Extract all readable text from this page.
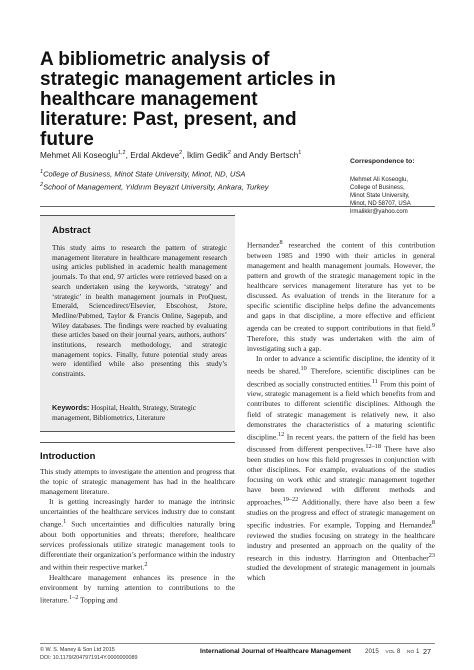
A bibliometric analysis of strategic management articles in healthcare management literature: Past, present, and future
Mehmet Ali Koseoglu$^{1,2}$, Erdal Akdeve$^2$, İklim Gedik$^2$ and Andy Bertsch$^1$
$^1$College of Business, Minot State University, Minot, ND, USA
$^2$School of Management, Yıldırım Beyazıt University, Ankara, Turkey
Correspondence to:
Mehmet Ali Koseoglu,
College of Business,
Minot State University,
Minot, ND 58707, USA
lrmalikkr@yahoo.com
Abstract
This study aims to research the pattern of strategic management literature in healthcare management research using articles published in academic health management journals. To that end, 97 articles were retrieved based on a search undertaken using the keywords, ‘strategy’ and ‘strategic’ in health management journals in ProQuest, Emerald, Sciencedirect/Elsevier, Ebscohost, Jstore, Medline/Pubmed, Taylor & Francis Online, Sagepub, and Wiley databases. The findings were reached by evaluating these articles based on their journal years, authors, authors’ institutions, research methodology, and strategic management topics. Finally, future potential study areas were identified while also presenting this study’s constraints.
Keywords: Hospital, Health, Strategy, Strategic management, Bibliometrics, Literature
Introduction

This study attempts to investigate the attention and progress that the topic of strategic management has had in the healthcare management literature.

It is getting increasingly harder to manage the intrinsic uncertainties of the healthcare services industry due to constant change.$^1$ Such uncertainties and difficulties naturally bring about both opportunities and threats; therefore, healthcare services professionals utilize strategic management tools to differentiate their organization’s performance within the industry and within their respective market.$^2$

Healthcare management enhances its presence in the environment by turning attention to contributions to the literature.$^{1-2}$ Topping and

Hernandez$^8$ researched the content of this contribution between 1985 and 1990 with their articles in general management and health management journals. However, the pattern and growth of the strategic management topic in the healthcare services management literature has yet to be discussed. As evaluation of trends in the literature for a specific scientific discipline helps define the advancements and gaps in that discipline, a more effective and efficient agenda can be created to support contributions in that field.$^9$ Therefore, this study was undertaken with the aim of investigating such a gap.

In order to advance a scientific discipline, the identity of it needs be shared.$^{10}$ Therefore, scientific disciplines can be described as socially constructed entities.$^{11}$ From this point of view, strategic management is a field which benefits from and contributes to different scientific disciplines. Although the field of strategic management is relatively new, it also demonstrates the characteristics of a maturing scientific discipline.$^{12}$ In recent years, the pattern of the field has been discussed from different perspectives.$^{12-18}$ There have also been studies on how this field progresses in conjunction with other disciplines. For example, evaluations of the studies focusing on work ethic and strategic management together have been reviewed with different methods and approaches.$^{19-22}$ Additionally, there have also been a few studies on the progress and effect of strategic management on specific industries. For example, Topping and Hernandez$^8$ reviewed the studies focusing on strategy in the healthcare industry and presented an approach on the quality of the research in this industry. Harrington and Ottenbacher$^{23}$ studied the development of strategic management in journals which

© W. S. Maney & Son Ltd 2015
DOI: 10.1179/2047971914Y.0000000089
International Journal of Healthcare Management 2015 VOL 8 NO 1 27
